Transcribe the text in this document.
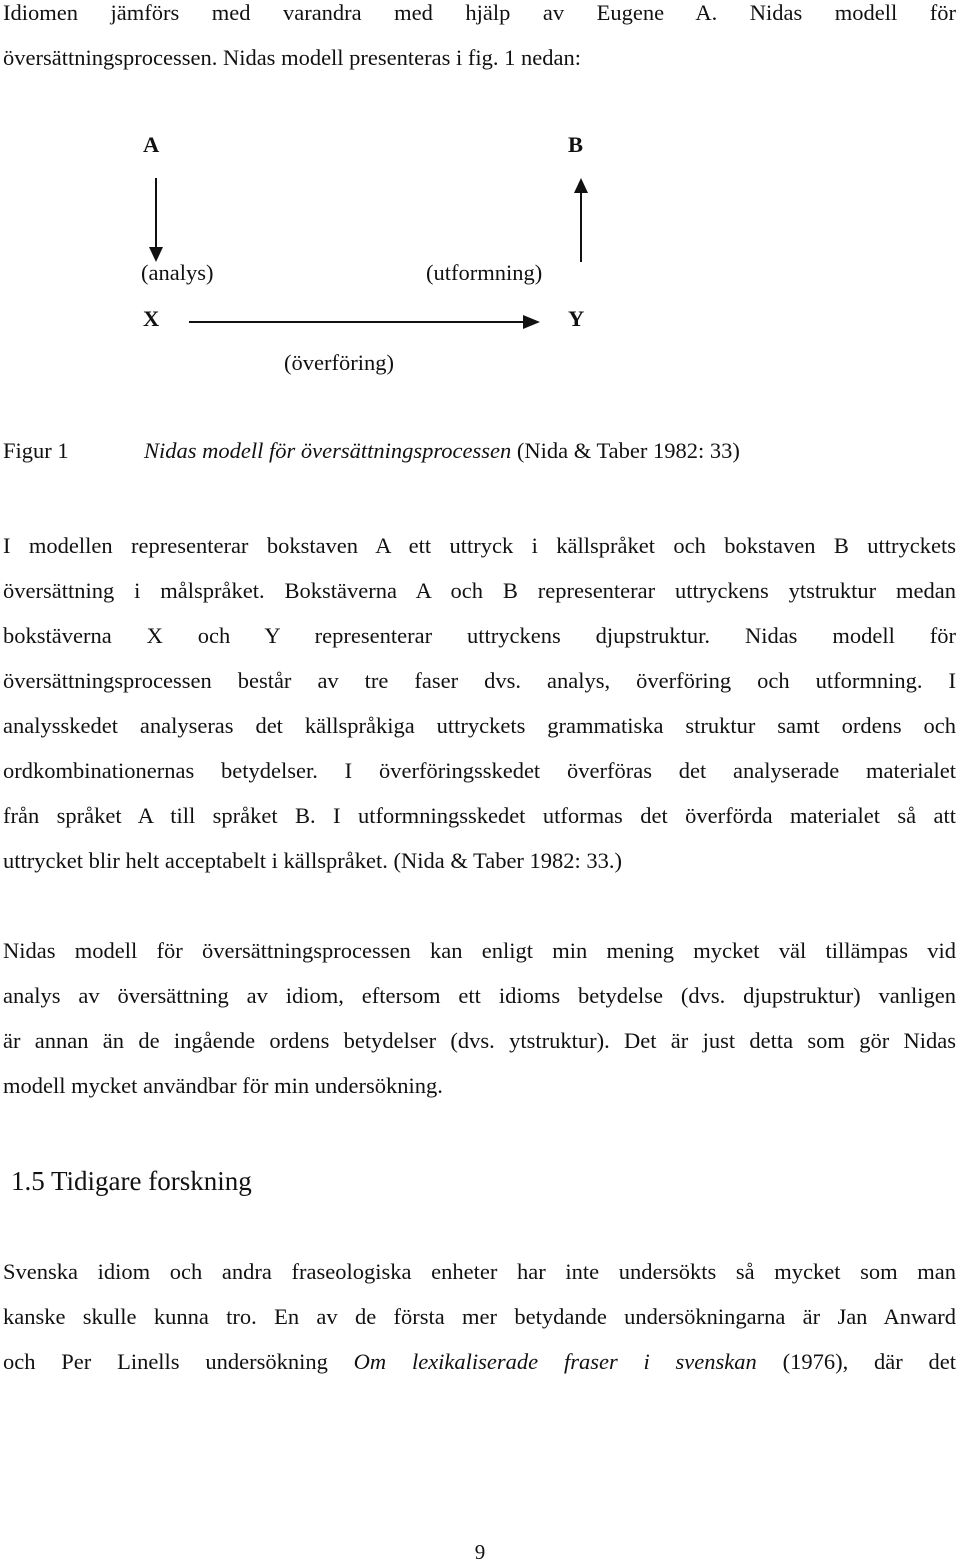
Idiomen jämförs med varandra med hjälp av Eugene A. Nidas modell för
översättningsprocessen. Nidas modell presenteras i fig. 1 nedan:

A	B
(analys)	(utformning)
X	Y
(överföring)
Figur 1	Nidas modell för översättningsprocessen (Nida & Taber 1982: 33)

I modellen representerar bokstaven A ett uttryck i källspråket och bokstaven B uttryckets
översättning i målspråket. Bokstäverna A och B representerar uttryckens ytstruktur medan
bokstäverna X och Y representerar uttryckens djupstruktur. Nidas modell för
översättningsprocessen består av tre faser dvs. analys, överföring och utformning. I
analysskedet analyseras det källspråkiga uttryckets grammatiska struktur samt ordens och
ordkombinationernas betydelser. I överföringsskedet överföras det analyserade materialet
från språket A till språket B. I utformningsskedet utformas det överförda materialet så att
uttrycket blir helt acceptabelt i källspråket. (Nida & Taber 1982: 33.)

Nidas modell för översättningsprocessen kan enligt min mening mycket väl tillämpas vid
analys av översättning av idiom, eftersom ett idioms betydelse (dvs. djupstruktur) vanligen
är annan än de ingående ordens betydelser (dvs. ytstruktur). Det är just detta som gör Nidas
modell mycket användbar för min undersökning.

1.5 Tidigare forskning

Svenska idiom och andra fraseologiska enheter har inte undersökts så mycket som man
kanske skulle kunna tro. En av de första mer betydande undersökningarna är Jan Anward
och Per Linells undersökning Om lexikaliserade fraser i svenskan (1976), där det

9
